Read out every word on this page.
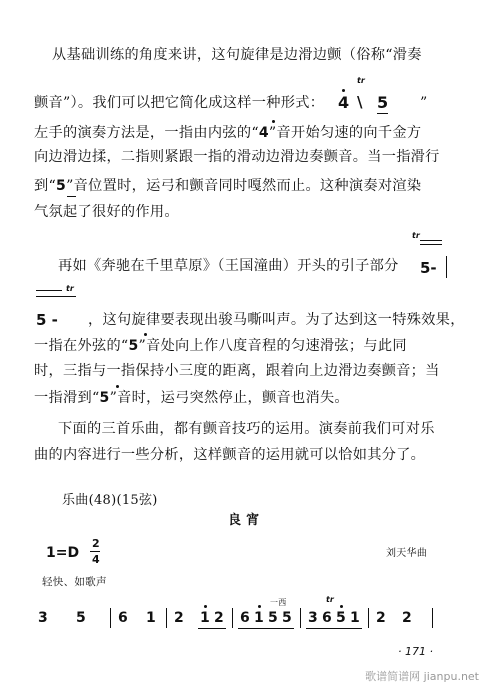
从基础训练的角度来讲，这句旋律是边滑边颤（俗称“滑奏
颤音”）。我们可以把它简化成这样一种形式：
tr
4 \ 5 ”
左手的演奏方法是，一指由内弦的“4”音开始匀速的向千金方
向边滑边揉，二指则紧跟一指的滑动边滑边奏颤音。当一指滑行
到“5”音位置时，运弓和颤音同时嘎然而止。这种演奏对渲染
气氛起了很好的作用。
再如《奔驰在千里草原》（王国潼曲）开头的引子部分
tr
5-
tr
5 - ，这句旋律要表现出骏马嘶叫声。为了达到这一特殊效果，
一指在外弦的“5”音处向上作八度音程的匀速滑弦；与此同
时，三指与一指保持小三度的距离，跟着向上边滑边奏颤音；当
一指滑到“5”音时，运弓突然停止，颤音也消失。
下面的三首乐曲，都有颤音技巧的运用。演奏前我们可对乐
曲的内容进行一些分析，这样颤音的运用就可以恰如其分了。
乐曲(48)(15弦)
良 宵
1=D
2
4	刘天华曲
轻快、如歌声
3 5 6 1 2 1 2 6 1 5 5
一西	tr
3 6 5 1 2 2
· 171 ·
歌谱简谱网 jianpu.net
